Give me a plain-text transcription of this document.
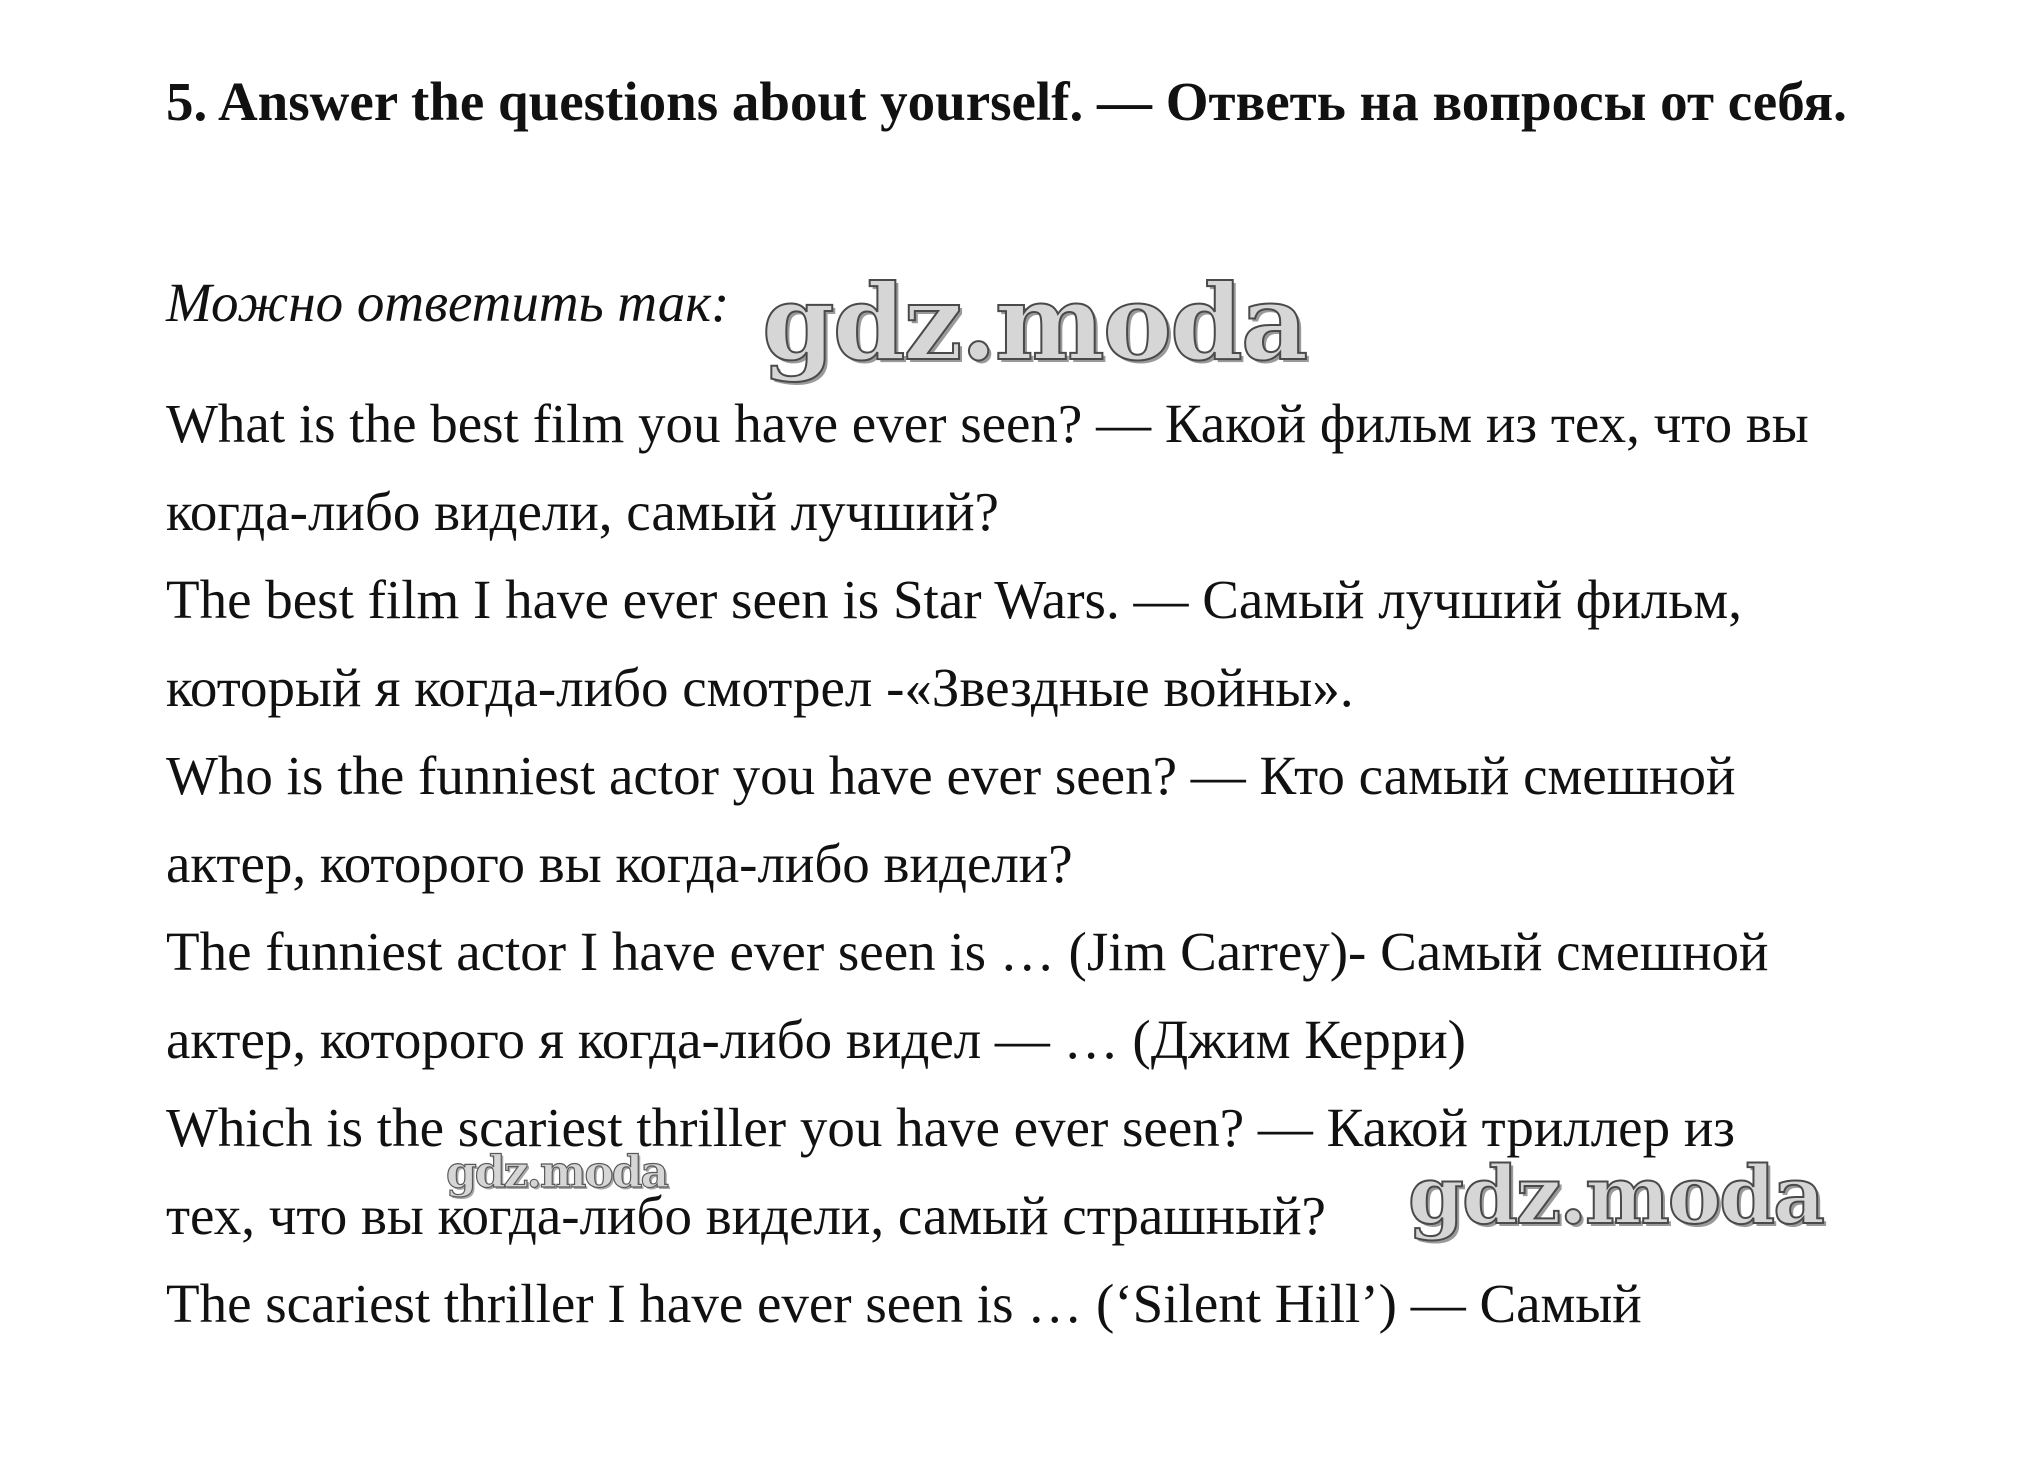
5. Answer the questions about yourself. — Ответь на вопросы от себя.

Можно ответить так:

What is the best film you have ever seen? — Какой фильм из тех, что вы
когда-либо видели, самый лучший?
The best film I have ever seen is Star Wars. — Самый лучший фильм,
который я когда-либо смотрел -«Звездные войны».
Who is the funniest actor you have ever seen? — Кто самый смешной
актер, которого вы когда-либо видели?
The funniest actor I have ever seen is … (Jim Carrey)- Самый смешной
актер, которого я когда-либо видел — … (Джим Керри)
Which is the scariest thriller you have ever seen? — Какой триллер из
тех, что вы когда-либо видели, самый страшный?
The scariest thriller I have ever seen is … (‘Silent Hill’) — Самый
gdz.moda
gdz.moda	gdz.moda
